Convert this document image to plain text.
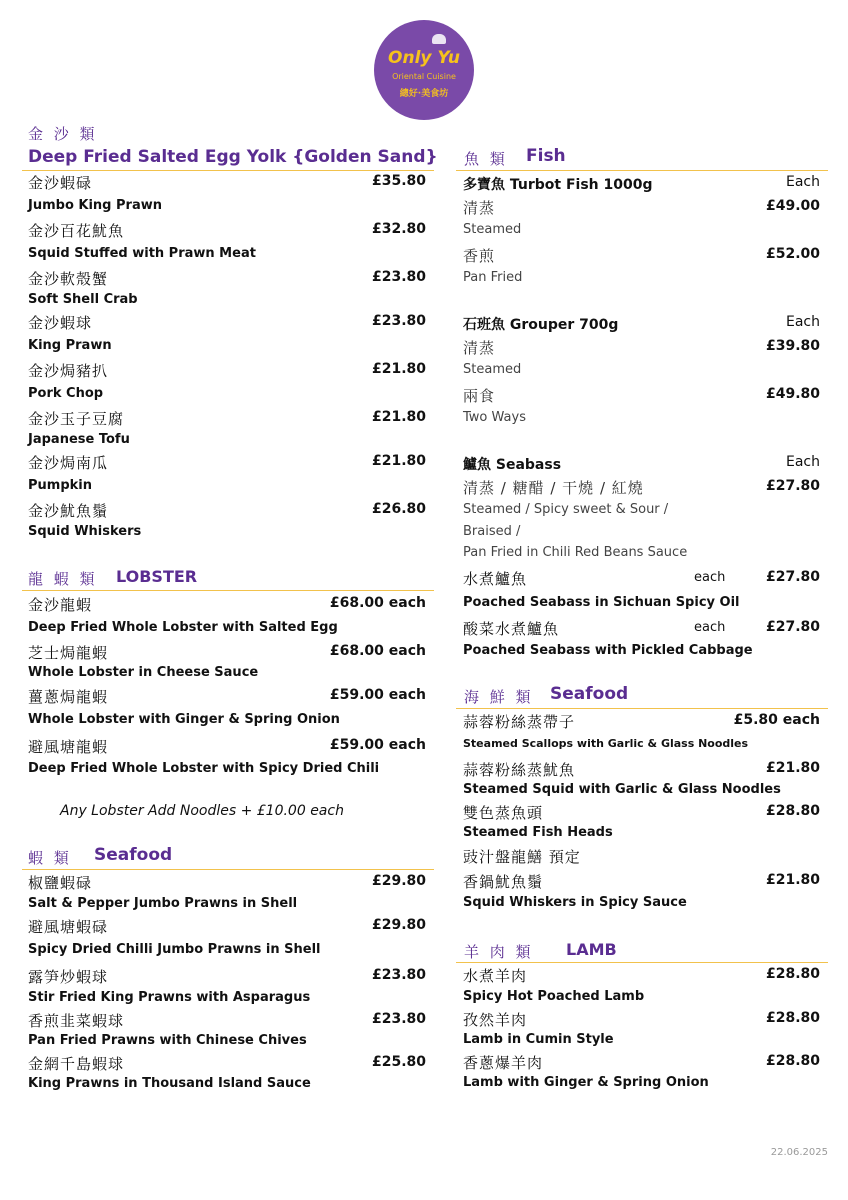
Only Yu
Oriental Cuisine
總好·美食坊
金 沙 類
Deep Fried Salted Egg Yolk {Golden Sand}
金沙蝦碌	£35.80
Jumbo King Prawn
金沙百花魷魚	£32.80
Squid Stuffed with Prawn Meat
金沙軟殼蟹	£23.80
Soft Shell Crab
金沙蝦球	£23.80
King Prawn
金沙焗豬扒	£21.80
Pork Chop
金沙玉子豆腐	£21.80
Japanese Tofu
金沙焗南瓜	£21.80
Pumpkin
金沙魷魚鬚	£26.80
Squid Whiskers
龍 蝦 類 LOBSTER
金沙龍蝦	£68.00 each
Deep Fried Whole Lobster with Salted Egg
芝士焗龍蝦	£68.00 each
Whole Lobster in Cheese Sauce
薑蔥焗龍蝦	£59.00 each
Whole Lobster with Ginger & Spring Onion
避風塘龍蝦	£59.00 each
Deep Fried Whole Lobster with Spicy Dried Chili
Any Lobster Add Noodles + £10.00 each
蝦 類 Seafood
椒鹽蝦碌	£29.80
Salt & Pepper Jumbo Prawns in Shell
避風塘蝦碌	£29.80
Spicy Dried Chilli Jumbo Prawns in Shell
露笋炒蝦球	£23.80
Stir Fried King Prawns with Asparagus
香煎韭菜蝦球	£23.80
Pan Fried Prawns with Chinese Chives
金網千島蝦球	£25.80
King Prawns in Thousand Island Sauce
魚 類 Fish
多寶魚 Turbot Fish 1000g	Each
清蒸	£49.00
Steamed
香煎	£52.00
Pan Fried
石班魚 Grouper 700g	Each
清蒸	£39.80
Steamed
兩食	£49.80
Two Ways
鱸魚 Seabass	Each
清蒸 / 糖醋 / 干燒 / 紅燒	£27.80
Steamed / Spicy sweet & Sour /
Braised /
Pan Fried in Chili Red Beans Sauce
水煮鱸魚	each	£27.80
Poached Seabass in Sichuan Spicy Oil
酸菜水煮鱸魚	each	£27.80
Poached Seabass with Pickled Cabbage
海 鮮 類 Seafood
蒜蓉粉絲蒸帶子	£5.80 each
Steamed Scallops with Garlic & Glass Noodles
蒜蓉粉絲蒸魷魚	£21.80
Steamed Squid with Garlic & Glass Noodles
雙色蒸魚頭	£28.80
Steamed Fish Heads
豉汁盤龍鱔 預定
香鍋魷魚鬚	£21.80
Squid Whiskers in Spicy Sauce
羊 肉 類 LAMB
水煮羊肉	£28.80
Spicy Hot Poached Lamb
孜然羊肉	£28.80
Lamb in Cumin Style
香蔥爆羊肉	£28.80
Lamb with Ginger & Spring Onion
22.06.2025
